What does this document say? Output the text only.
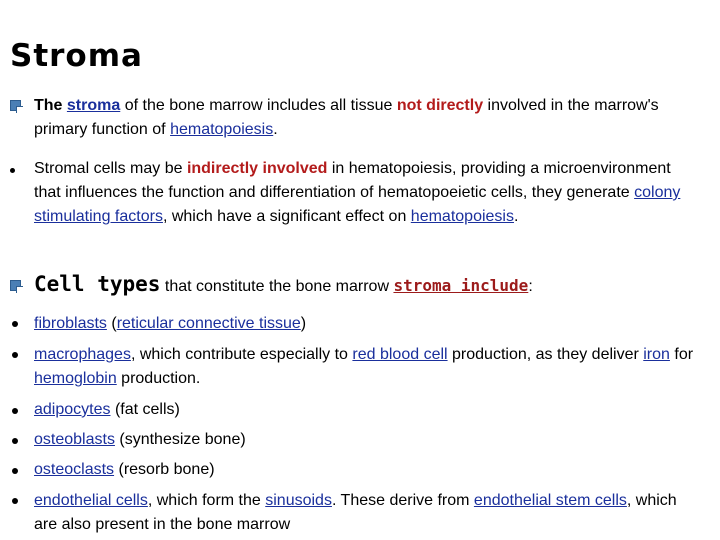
Stroma
The stroma of the bone marrow includes all tissue not directly involved in the marrow's primary function of hematopoiesis.
Stromal cells may be indirectly involved in hematopoiesis, providing a microenvironment that influences the function and differentiation of hematopoeietic cells, they generate colony stimulating factors, which have a significant effect on hematopoiesis.
Cell types that constitute the bone marrow stroma include:
fibroblasts (reticular connective tissue)
macrophages, which contribute especially to red blood cell production, as they deliver iron for hemoglobin production.
adipocytes (fat cells)
osteoblasts (synthesize bone)
osteoclasts (resorb bone)
endothelial cells, which form the sinusoids. These derive from endothelial stem cells, which are also present in the bone marrow
